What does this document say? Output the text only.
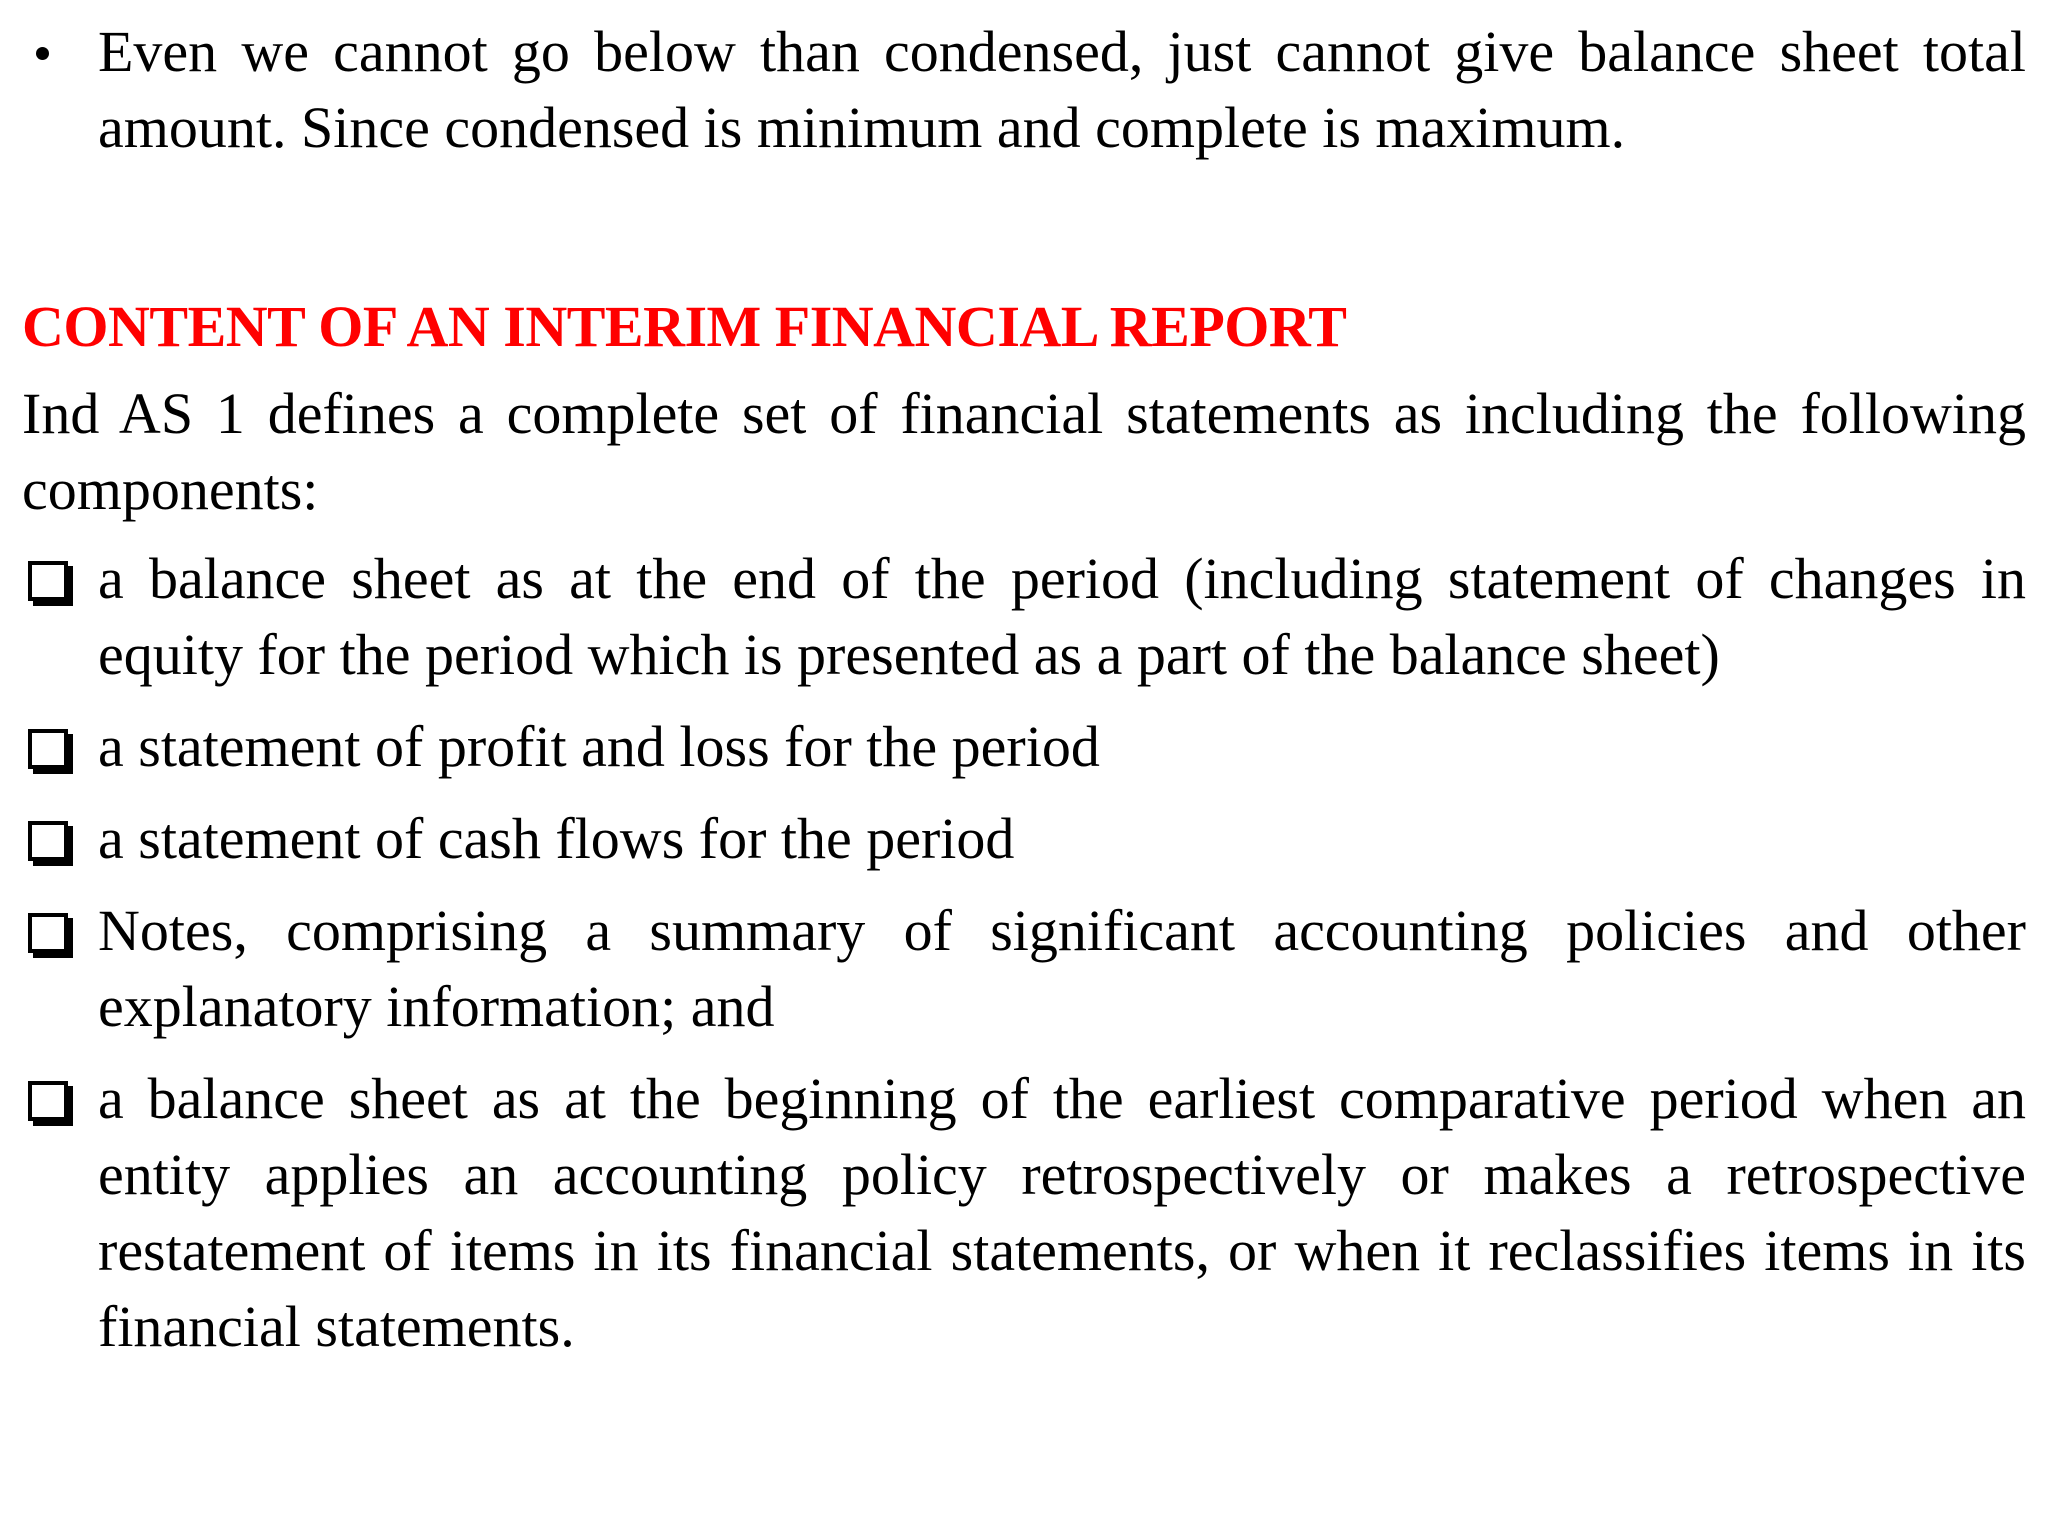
Even we cannot go below than condensed, just cannot give balance sheet total amount. Since condensed is minimum and complete is maximum.
CONTENT OF AN INTERIM FINANCIAL REPORT
Ind AS 1 defines a complete set of financial statements as including the following components:
a balance sheet as at the end of the period (including statement of changes in equity for the period which is presented as a part of the balance sheet)
a statement of profit and loss for the period
a statement of cash flows for the period
Notes, comprising a summary of significant accounting policies and other explanatory information; and
a balance sheet as at the beginning of the earliest comparative period when an entity applies an accounting policy retrospectively or makes a retrospective restatement of items in its financial statements, or when it reclassifies items in its financial statements.
